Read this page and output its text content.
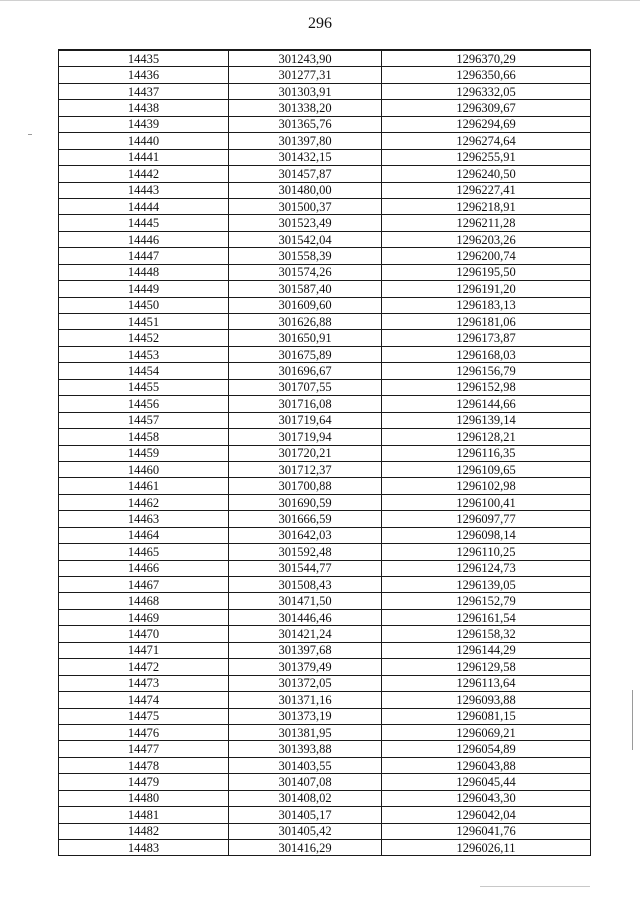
296
14435	301243,90	1296370,29
14436	301277,31	1296350,66
14437	301303,91	1296332,05
14438	301338,20	1296309,67
14439	301365,76	1296294,69
14440	301397,80	1296274,64
14441	301432,15	1296255,91
14442	301457,87	1296240,50
14443	301480,00	1296227,41
14444	301500,37	1296218,91
14445	301523,49	1296211,28
14446	301542,04	1296203,26
14447	301558,39	1296200,74
14448	301574,26	1296195,50
14449	301587,40	1296191,20
14450	301609,60	1296183,13
14451	301626,88	1296181,06
14452	301650,91	1296173,87
14453	301675,89	1296168,03
14454	301696,67	1296156,79
14455	301707,55	1296152,98
14456	301716,08	1296144,66
14457	301719,64	1296139,14
14458	301719,94	1296128,21
14459	301720,21	1296116,35
14460	301712,37	1296109,65
14461	301700,88	1296102,98
14462	301690,59	1296100,41
14463	301666,59	1296097,77
14464	301642,03	1296098,14
14465	301592,48	1296110,25
14466	301544,77	1296124,73
14467	301508,43	1296139,05
14468	301471,50	1296152,79
14469	301446,46	1296161,54
14470	301421,24	1296158,32
14471	301397,68	1296144,29
14472	301379,49	1296129,58
14473	301372,05	1296113,64
14474	301371,16	1296093,88
14475	301373,19	1296081,15
14476	301381,95	1296069,21
14477	301393,88	1296054,89
14478	301403,55	1296043,88
14479	301407,08	1296045,44
14480	301408,02	1296043,30
14481	301405,17	1296042,04
14482	301405,42	1296041,76
14483	301416,29	1296026,11
